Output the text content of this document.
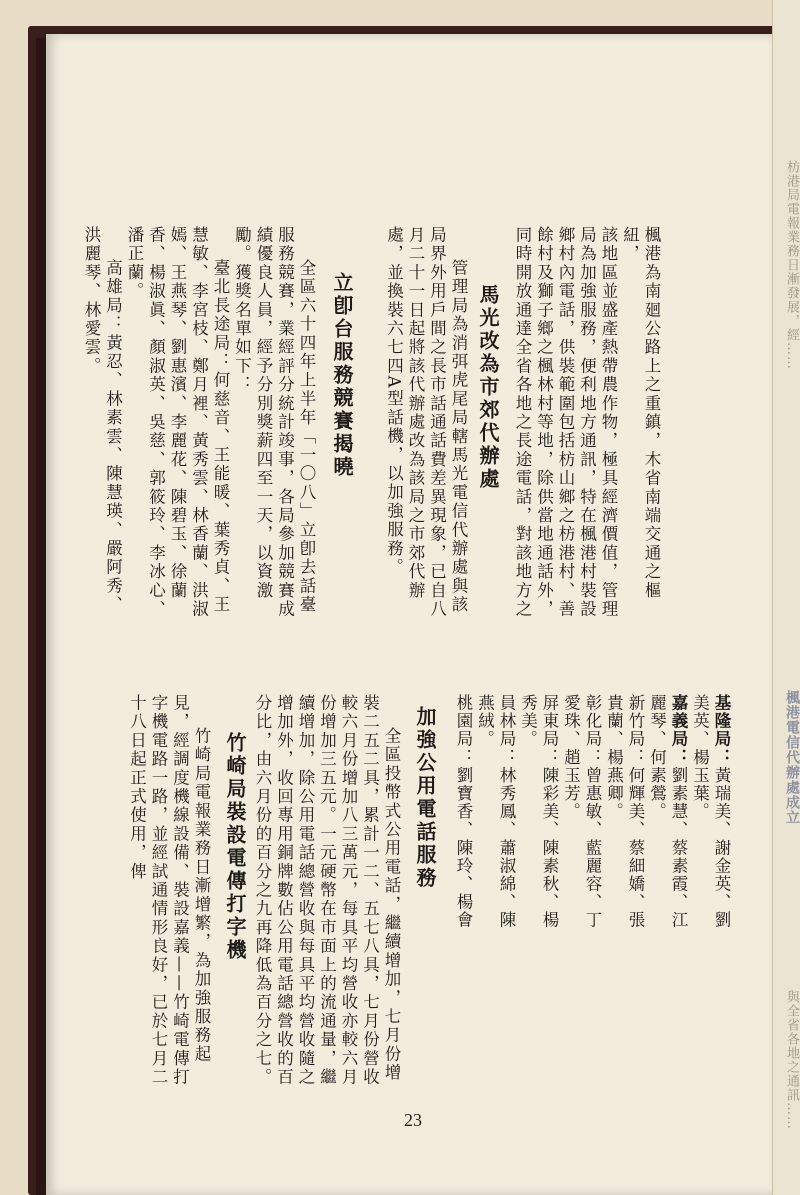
楓港為南廻公路上之重鎮，木省南端交通之樞紐，

該地區並盛產熱帶農作物，極具經濟價值，管理局為加強服務，便利地方通訊，特在楓港村裝設鄉村內電話，供裝範圍包括枋山鄉之枋港村、善餘村及獅子鄉之楓林村等地，除供當地通話外，同時開放通達全省各地之長途電話，對該地方之

馬光改為市郊代辦處

管理局為消弭虎尾局轄馬光電信代辦處與該局界外用戶間之長市話通話費差異現象，已自八月二十一日起將該代辦處改為該局之市郊代辦處，並換裝六七四A型話機，以加強服務。

立卽台服務競賽揭曉

全區六十四年上半年「一〇八」立卽去話臺服務競賽，業經評分統計竣事，各局參加競賽成績優良人員，經予分別獎薪四至一天，以資激勵。獲獎名單如下：

臺北長途局：何慈音、王能暖、葉秀貞、王慧敏、李宮枝、鄭月裡、黃秀雲、林香蘭、洪淑嫣、王燕琴、劉惠濱、李麗花、陳碧玉、徐蘭香、楊淑眞、顏淑英、吳慈、郭筱玲、李冰心、潘正蘭。

高雄局：黃忍、林素雲、陳慧瑛、嚴阿秀、洪麗琴、林愛雲。

基隆局：黃瑞美、謝金英、劉美英、楊玉葉。

嘉義局：劉素慧、蔡素霞、江麗琴、何素鶯。

新竹局：何輝美、蔡細嬌、張貴蘭、楊燕卿。

彰化局：曾惠敏、藍麗容、丁愛珠、趙玉芳。

屏東局：陳彩美、陳素秋、楊秀美。

員林局：林秀鳳、蕭淑綿、陳燕絨。

桃園局：劉寶香、陳玲、楊會

加強公用電話服務

全區投幣式公用電話，繼續增加，七月份增裝二五二具，累計一二、五七八具，七月份營收較六月份增加八三萬元，每具平均營收亦較六月份增加三五元。一元硬幣在市面上的流通量，繼續增加，除公用電話總營收與每具平均營收隨之增加外，收回專用銅牌數佔公用電話總營收的百分比，由六月份的百分之九再降低為百分之七。

竹崎局裝設電傳打字機

竹崎局電報業務日漸增繁，為加強服務起見，經調度機線設備、裝設嘉義——竹崎電傳打字機電路一路，並經試通情形良好，已於七月二十八日起正式使用，俾

23
枋港局電報業務日漸發展，經……
楓港電信代辦處成立
與全省各地之通訊……
